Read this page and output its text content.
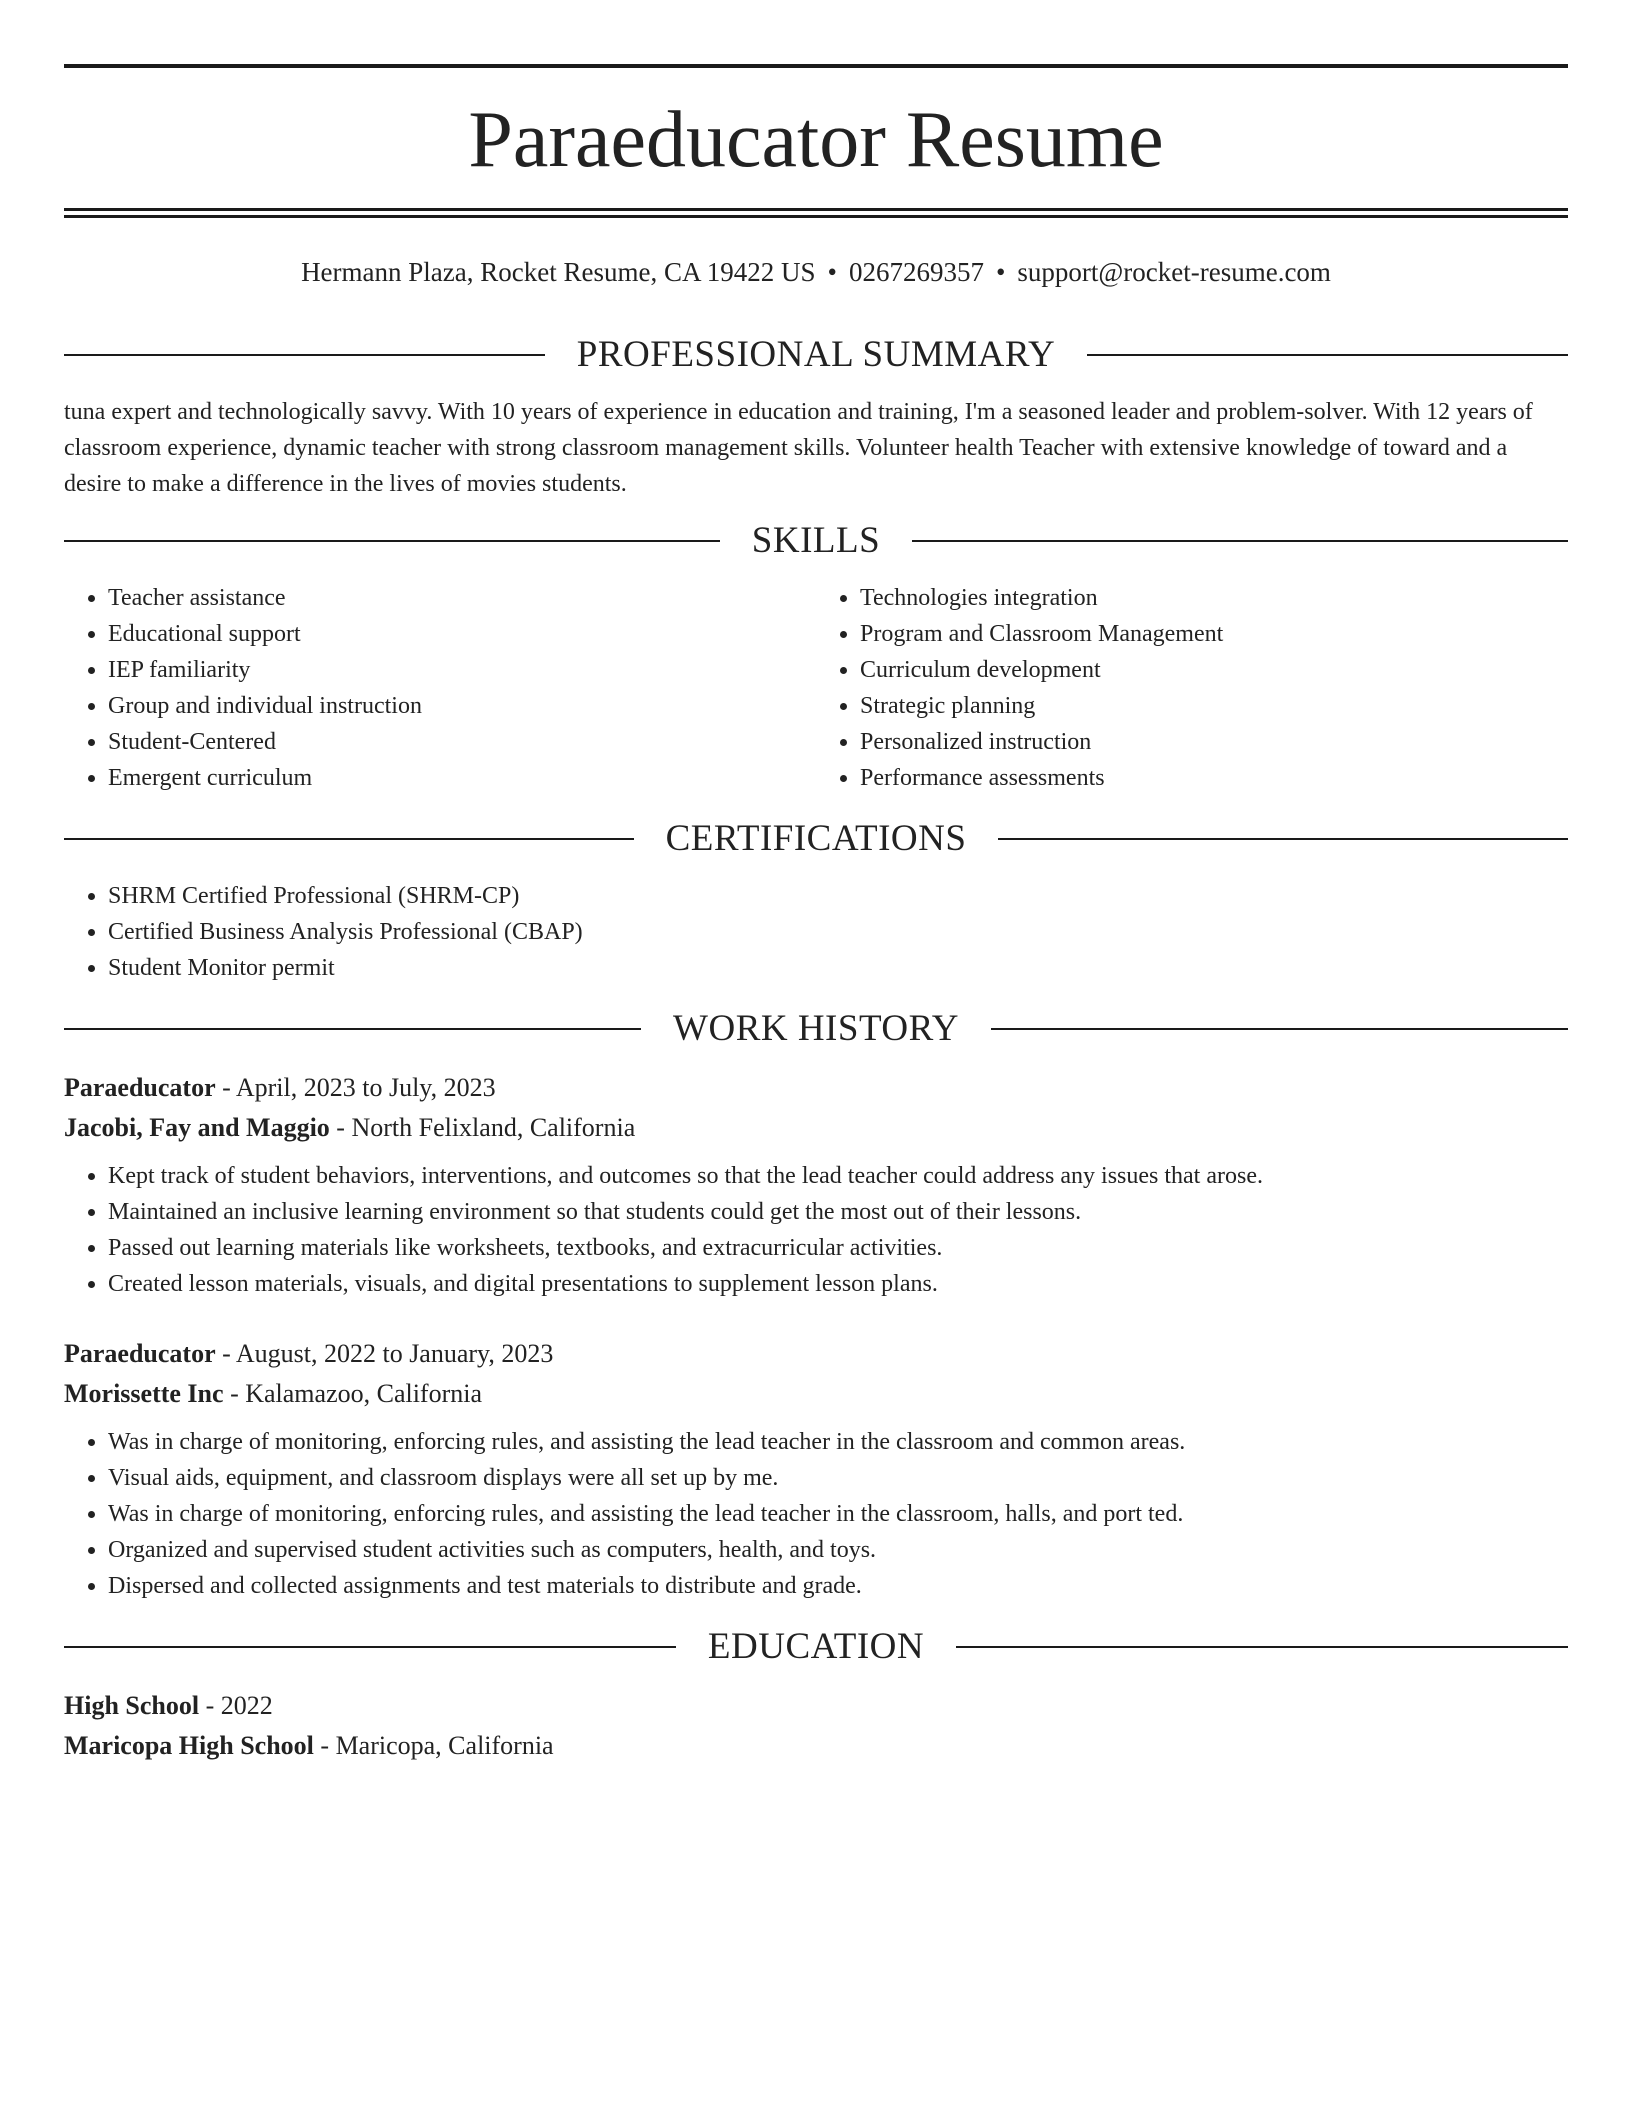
Paraeducator Resume
Hermann Plaza, Rocket Resume, CA 19422 US • 0267269357 • support@rocket-resume.com
PROFESSIONAL SUMMARY

tuna expert and technologically savvy. With 10 years of experience in education and training, I'm a seasoned leader and problem-solver. With 12 years of classroom experience, dynamic teacher with strong classroom management skills. Volunteer health Teacher with extensive knowledge of toward and a desire to make a difference in the lives of movies students.

SKILLS
• Teacher assistance
• Educational support
• IEP familiarity
• Group and individual instruction
• Student-Centered
• Emergent curriculum
• Technologies integration
• Program and Classroom Management
• Curriculum development
• Strategic planning
• Personalized instruction
• Performance assessments
CERTIFICATIONS
• SHRM Certified Professional (SHRM-CP)
• Certified Business Analysis Professional (CBAP)
• Student Monitor permit
WORK HISTORY
Paraeducator - April, 2023 to July, 2023
Jacobi, Fay and Maggio - North Felixland, California
• Kept track of student behaviors, interventions, and outcomes so that the lead teacher could address any issues that arose.
• Maintained an inclusive learning environment so that students could get the most out of their lessons.
• Passed out learning materials like worksheets, textbooks, and extracurricular activities.
• Created lesson materials, visuals, and digital presentations to supplement lesson plans.
Paraeducator - August, 2022 to January, 2023
Morissette Inc - Kalamazoo, California
• Was in charge of monitoring, enforcing rules, and assisting the lead teacher in the classroom and common areas.
• Visual aids, equipment, and classroom displays were all set up by me.
• Was in charge of monitoring, enforcing rules, and assisting the lead teacher in the classroom, halls, and port ted.
• Organized and supervised student activities such as computers, health, and toys.
• Dispersed and collected assignments and test materials to distribute and grade.
EDUCATION
High School - 2022
Maricopa High School - Maricopa, California
